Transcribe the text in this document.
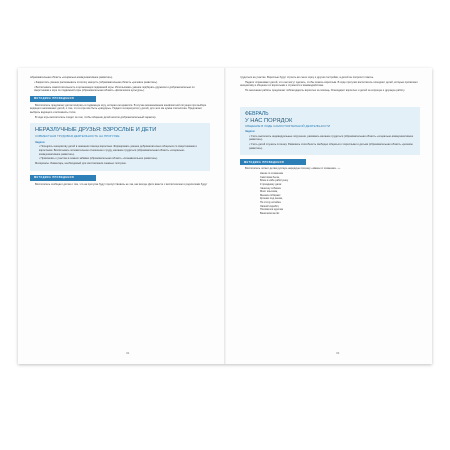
образовательная область «социально-коммуникативное развитие»).

• Закреплять умение рассказывать стихотку наизусть (образовательная область «речевое развитие»).

• Воспитывать самостоятельность в организации подвижной игры. Использовать умение подбирать дружески и доброжелательно по сверстникам к игре по подвижной игры (образовательная область «физическое культура»).

МЕТОДИКА ПРОВЕДЕНИЯ

Воспитатель предлагает детям поиграть в подвижную игру, которая им нравится. В случае возникновения конфликтной ситуации при выборе водящего напоминает детей, о том, что в игре все быть «раздоры». Педагог интересуется у детей, для чего им нужна считалочка. Предлагает выбрать водящего и вспомнить стихи.

В ходе игры воспитатель следит за тем, чтобы общение детей носило доброжелательный характер.

НЕРАЗЛУЧНЫЕ ДРУЗЬЯ: ВЗРОСЛЫЕ И ДЕТИ

СОВМЕСТНАЯ ТРУДОВАЯ ДЕЯТЕЛЬНОСТЬ НА ПРОГУЛКЕ

Задачи

• Поощрять инициативу детей в оказании помощи взрослым. Формировать умение доброжелательно общаться со сверстниками и взрослыми. Воспитывать положительное отношение к труду, желание трудиться (образовательная область «социально-коммуникативное развитие»).

• Привлекать к участию в зимних забавах (образовательная область «познавательное развитие»).

Материалы. Инвентарь, необходимый для изготовления снежных построек.

МЕТОДИКА ПРОВЕДЕНИЯ

Воспитатель сообщает детям о том, что на прогулке будут присутствовать не так, как всегда. Дети вместе с воспитателем и родителями будут

32

трудиться на участке. Взрослые будут строить во снеге горку и другие постройки, а детей он попросит помочь.

Педагог спрашивает детей, что они могут сделать, чтобы помочь взрослым. В ходе прогулки воспитатель поощряет детей, которые проявляют инициативу в общении со взрослыми и стремятся к взаимодействию.

По окончании работы предлагает поблагодарить взрослых за помощь. Благодарит взрослых и детей за хорошую и дружную работу.

ФЕВРАЛЬ

У НАС ПОРЯДОК

ОБЩЕНИЕ В ХОДЕ САМОСТОЯТЕЛЬНОЙ ДЕЯТЕЛЬНОСТИ

Задачи

• Учить выполнять индивидуальные поручения, развивать желание трудиться (образовательная область «социально-коммуникативное развитие»).

• Учить детей слушать потешку. Развивать способность свободно общаться с взрослыми и детьми (образовательная область «речевое развитие»).

МЕТОДИКА ПРОВЕДЕНИЯ

Воспитатель читает детям русскую народную потешку «Наша-то хозяюшка…».

Наша-то хозяюшка

Сметлива была,

Всем в избе работушку

К празднику дала:

Чашечку собачка

Моет язычком,

Мышка собирает

Крошки под окном,

По столу котейка

Лапкой скребёт,

Половичок курочка

Веничком метёт.

33
